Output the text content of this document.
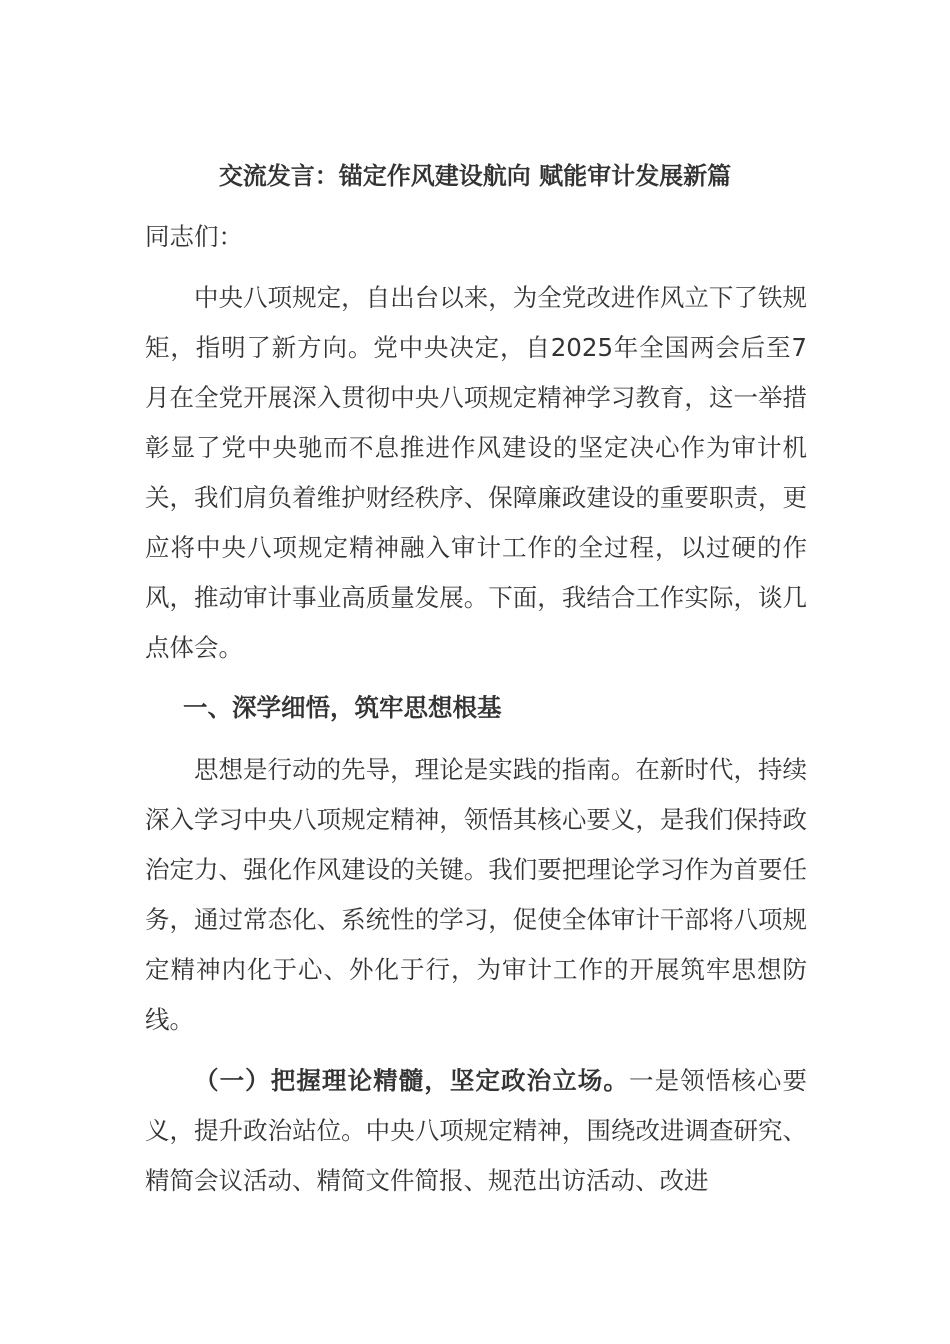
交流发言：锚定作风建设航向 赋能审计发展新篇
同志们：
中央八项规定，自出台以来，为全党改进作风立下了铁规矩，指明了新方向。党中央决定，自2025年全国两会后至7月在全党开展深入贯彻中央八项规定精神学习教育，这一举措彰显了党中央驰而不息推进作风建设的坚定决心作为审计机关，我们肩负着维护财经秩序、保障廉政建设的重要职责，更应将中央八项规定精神融入审计工作的全过程，以过硬的作风，推动审计事业高质量发展。下面，我结合工作实际，谈几点体会。
一、深学细悟，筑牢思想根基
思想是行动的先导，理论是实践的指南。在新时代，持续深入学习中央八项规定精神，领悟其核心要义，是我们保持政治定力、强化作风建设的关键。我们要把理论学习作为首要任务，通过常态化、系统性的学习，促使全体审计干部将八项规定精神内化于心、外化于行，为审计工作的开展筑牢思想防线。
（一）把握理论精髓，坚定政治立场。一是领悟核心要义，提升政治站位。中央八项规定精神，围绕改进调查研究、精简会议活动、精简文件简报、规范出访活动、改进
